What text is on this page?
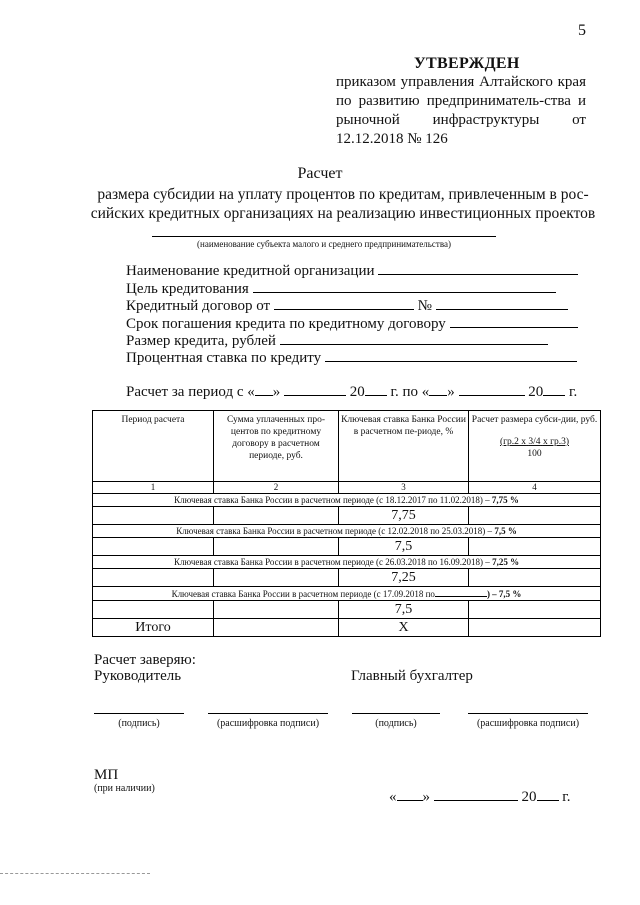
5
УТВЕРЖДЕН
приказом управления Алтайского края по развитию предприниматель-ства и рыночной инфраструктуры от 12.12.2018 № 126
Расчет
размера субсидии на уплату процентов по кредитам, привлеченным в рос-сийских кредитных организациях на реализацию инвестиционных проектов
(наименование субъекта малого и среднего предпринимательства)
Наименование кредитной организации
Цель кредитования
Кредитный договор от	№
Срок погашения кредита по кредитному договору
Размер кредита, рублей
Процентная ставка по кредиту
Расчет за период с « »	20 г. по « »	20 г.
Период расчета	Сумма уплаченных про-центов по кредитному договору в расчетном периоде, руб.	Ключевая ставка Банка России в расчетном пе-риоде, %	Расчет размера субси-дии, руб.
(гр.2 х 3/4 х гр.3)
100

1	2	3	4
Ключевая ставка Банка России в расчетном периоде (с 18.12.2017 по 11.02.2018) – 7,75 %			
		7,75	
Ключевая ставка Банка России в расчетном периоде (с 12.02.2018 по 25.03.2018) – 7,5 %			
		7,5	
Ключевая ставка Банка России в расчетном периоде (с 26.03.2018 по 16.09.2018) – 7,25 %			
		7,25	
Ключевая ставка Банка России в расчетном периоде (с 17.09.2018 по ) – 7,5 %			
		7,5	
Итого		Х	
Расчет заверяю:
Руководитель	Главный бухгалтер
(подпись)	(расшифровка подписи)	(подпись)	(расшифровка подписи)
МП
(при наличии)
« »	20 г.
